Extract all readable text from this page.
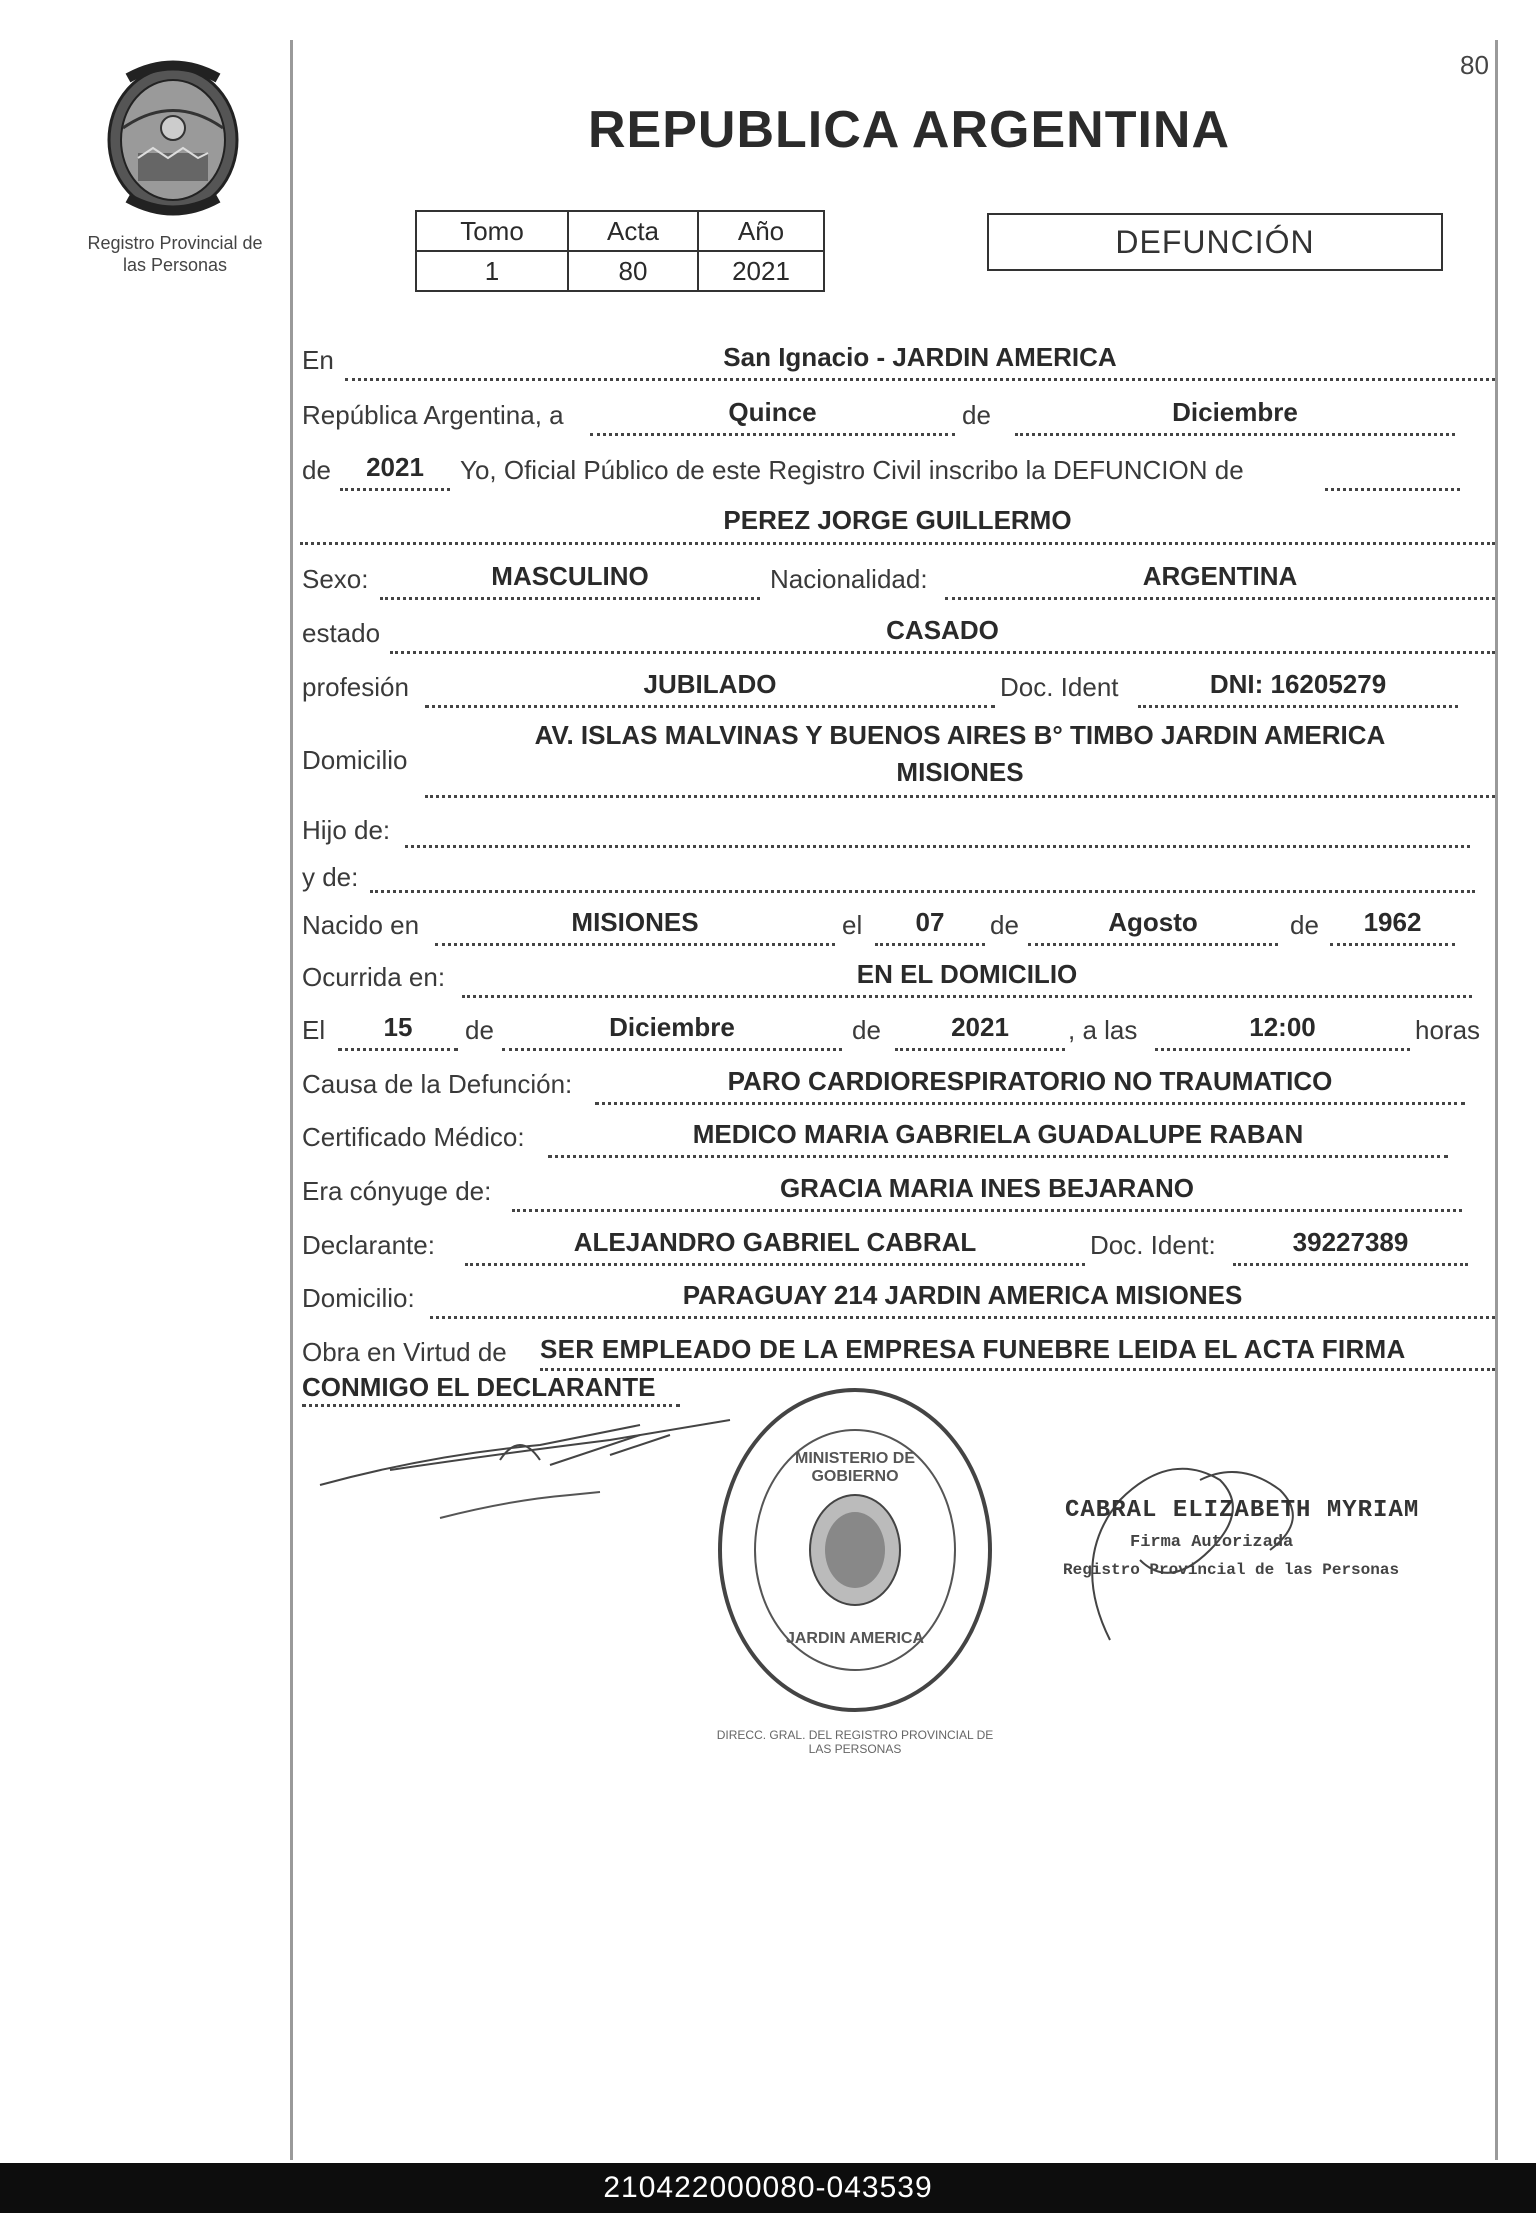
80
Registro Provincial de
las Personas
REPUBLICA ARGENTINA
Tomo	Acta	Año
1	80	2021
DEFUNCIÓN
En	San Ignacio - JARDIN AMERICA
República Argentina, a	Quince	de	Diciembre
de	2021	Yo, Oficial Público de este Registro Civil inscribo la DEFUNCION de
PEREZ JORGE GUILLERMO
Sexo:	MASCULINO	Nacionalidad:	ARGENTINA
estado	CASADO
profesión	JUBILADO	Doc. Ident	DNI: 16205279
Domicilio
AV. ISLAS MALVINAS Y BUENOS AIRES B° TIMBO JARDIN AMERICA
MISIONES
Hijo de:
y de:
Nacido en	MISIONES	el	07	de	Agosto	de	1962
Ocurrida en:	EN EL DOMICILIO
El	15	de	Diciembre	de	2021	, a las	12:00	horas
Causa de la Defunción:	PARO CARDIORESPIRATORIO NO TRAUMATICO
Certificado Médico:	MEDICO MARIA GABRIELA GUADALUPE RABAN
Era cónyuge de:	GRACIA MARIA INES BEJARANO
Declarante:	ALEJANDRO GABRIEL CABRAL	Doc. Ident:	39227389
Domicilio:	PARAGUAY 214 JARDIN AMERICA MISIONES
Obra en Virtud de SER EMPLEADO DE LA EMPRESA FUNEBRE LEIDA EL ACTA FIRMA
CONMIGO EL DECLARANTE
DIRECC. GRAL. DEL REGISTRO PROVINCIAL DE LAS PERSONAS
MINISTERIO DE GOBIERNO
JARDIN AMERICA
CABRAL ELIZABETH MYRIAM
Firma Autorizada
Registro Provincial de las Personas
210422000080-043539
